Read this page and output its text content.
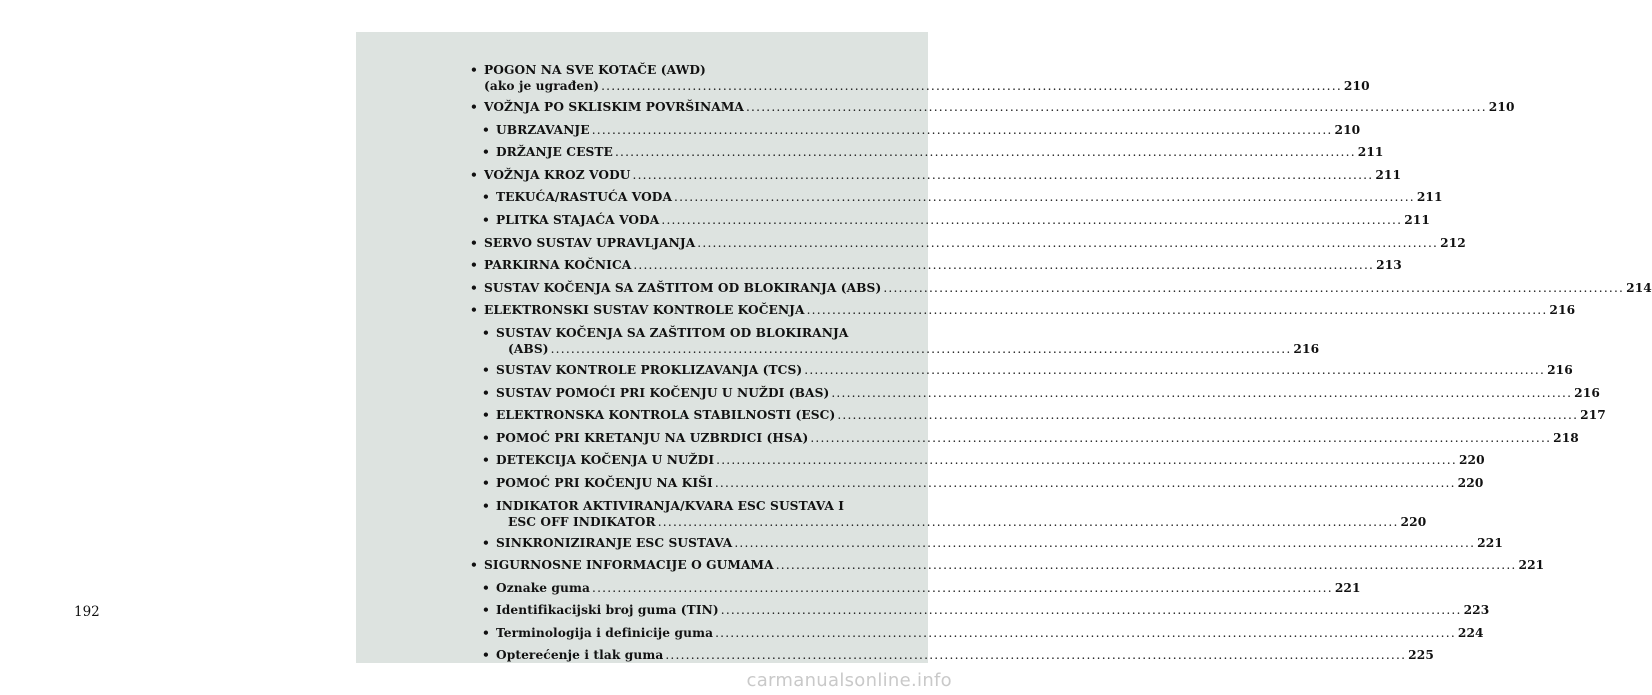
• POGON NA SVE KOTAČE (AWD)
(ako je ugrađen) .....	210
• VOŽNJA PO SKLISKIM POVRŠINAMA .....	210
• UBRZAVANJE .....	210
• DRŽANJE CESTE .....	211
• VOŽNJA KROZ VODU .....	211
• TEKUĆA/RASTUĆA VODA .....	211
• PLITKA STAJAĆA VODA .....	211
• SERVO SUSTAV UPRAVLJANJA .....	212
• PARKIRNA KOČNICA .....	213
• SUSTAV KOČENJA SA ZAŠTITOM OD BLOKIRANJA (ABS) .....	214
• ELEKTRONSKI SUSTAV KONTROLE KOČENJA .....	216
• SUSTAV KOČENJA SA ZAŠTITOM OD BLOKIRANJA
(ABS) .....	216
• SUSTAV KONTROLE PROKLIZAVANJA (TCS) .....	216
• SUSTAV POMOĆI PRI KOČENJU U NUŽDI (BAS) .....	216
• ELEKTRONSKA KONTROLA STABILNOSTI (ESC) .....	217
• POMOĆ PRI KRETANJU NA UZBRDICI (HSA) .....	218
• DETEKCIJA KOČENJA U NUŽDI .....	220
• POMOĆ PRI KOČENJU NA KIŠI .....	220
• INDIKATOR AKTIVIRANJA/KVARA ESC SUSTAVA I
ESC OFF INDIKATOR .....	220
• SINKRONIZIRANJE ESC SUSTAVA .....	221
• SIGURNOSNE INFORMACIJE O GUMAMA .....	221
• Oznake guma .....	221
• Identifikacijski broj guma (TIN) .....	223
• Terminologija i definicije guma .....	224
• Opterećenje i tlak guma .....	225
192
carmanualsonline.info
